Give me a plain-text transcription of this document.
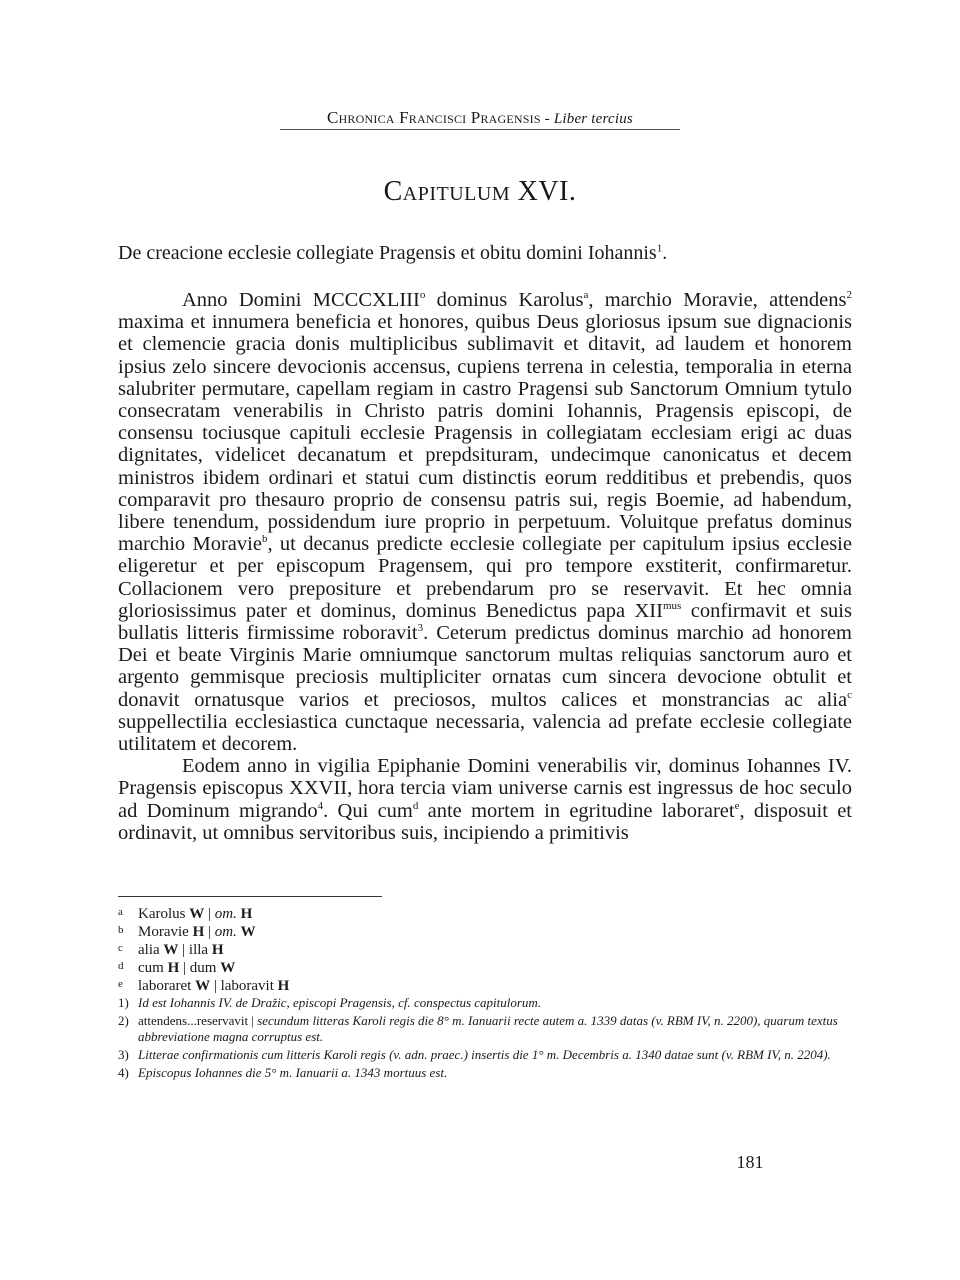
Chronica Francisci Pragensis - Liber tercius
Capitulum XVI.
De creacione ecclesie collegiate Pragensis et obitu domini Iohannis$^1$.

Anno Domini MCCCXLIII$^o$ dominus Karolus$^a$, marchio Moravie, attendens$^2$ maxima et innumera beneficia et honores, quibus Deus gloriosus ipsum sue dignacionis et clemencie gracia donis multiplicibus sublimavit et ditavit, ad laudem et honorem ipsius zelo sincere devocionis accensus, cupiens terrena in celestia, temporalia in eterna salubriter permutare, capellam regiam in castro Pragensi sub Sanctorum Omnium tytulo consecratam venerabilis in Christo patris domini Iohannis, Pragensis episcopi, de consensu tociusque capituli ecclesie Pragensis in collegiatam ecclesiam erigi ac duas dignitates, videlicet decanatum et prepdsituram, undecimque canonicatus et decem ministros ibidem ordinari et statui cum distinctis eorum redditibus et prebendis, quos comparavit pro thesauro proprio de consensu patris sui, regis Boemie, ad habendum, libere tenendum, possidendum iure proprio in perpetuum. Voluitque prefatus dominus marchio Moravie$^b$, ut decanus predicte ecclesie collegiate per capitulum ipsius ecclesie eligeretur et per episcopum Pragensem, qui pro tempore exstiterit, confirmaretur. Collacionem vero prepositure et prebendarum pro se reservavit. Et hec omnia gloriosissimus pater et dominus, dominus Benedictus papa $XII^{mus}$ confirmavit et suis bullatis litteris firmissime roboravit$^3$. Ceterum predictus dominus marchio ad honorem Dei et beate Virginis Marie omniumque sanctorum multas reliquias sanctorum auro et argento gemmisque preciosis multipliciter ornatas cum sincera devocione obtulit et donavit ornatusque varios et preciosos, multos calices et monstrancias ac alia$^c$ suppellectilia ecclesiastica cunctaque necessaria, valencia ad prefate ecclesie collegiate utilitatem et decorem.

Eodem anno in vigilia Epiphanie Domini venerabilis vir, dominus Iohannes IV. Pragensis episcopus XXVII, hora tercia viam universe carnis est ingressus de hoc seculo ad Dominum migrando$^4$. Qui cum$^d$ ante mortem in egritudine laboraret$^e$, disposuit et ordinavit, ut omnibus servitoribus suis, incipiendo a primitivis

a Karolus W | om. H
b Moravie H | om. W
c alia W | illa H
d cum H | dum W
e laboraret W | laboravit H
1) Id est Iohannis IV. de Dražic, episcopi Pragensis, cf. conspectus capitulorum.
2) attendens...reservavit | secundum litteras Karoli regis die 8° m. Ianuarii recte autem a. 1339 datas (v. RBM IV, n. 2200), quarum textus abbreviatione magna corruptus est.
3) Litterae confirmationis cum litteris Karoli regis (v. adn. praec.) insertis die 1° m. Decembris a. 1340 datae sunt (v. RBM IV, n. 2204).
4) Episcopus Iohannes die 5° m. Ianuarii a. 1343 mortuus est.
181
